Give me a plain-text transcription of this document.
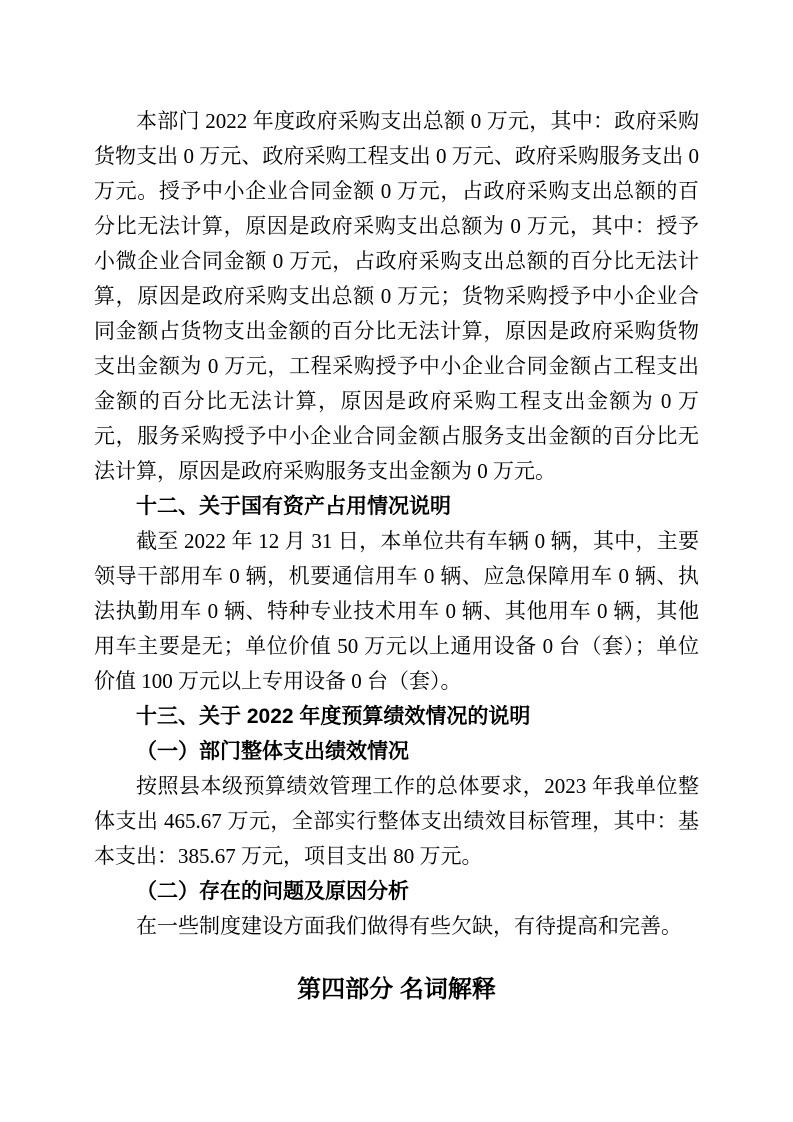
本部门 2022 年度政府采购支出总额 0 万元，其中：政府采购货物支出 0 万元、政府采购工程支出 0 万元、政府采购服务支出 0 万元。授予中小企业合同金额 0 万元，占政府采购支出总额的百分比无法计算，原因是政府采购支出总额为 0 万元，其中：授予小微企业合同金额 0 万元，占政府采购支出总额的百分比无法计算，原因是政府采购支出总额 0 万元；货物采购授予中小企业合同金额占货物支出金额的百分比无法计算，原因是政府采购货物支出金额为 0 万元，工程采购授予中小企业合同金额占工程支出金额的百分比无法计算，原因是政府采购工程支出金额为 0 万元，服务采购授予中小企业合同金额占服务支出金额的百分比无法计算，原因是政府采购服务支出金额为 0 万元。

十二、关于国有资产占用情况说明

截至 2022 年 12 月 31 日，本单位共有车辆 0 辆，其中，主要领导干部用车 0 辆，机要通信用车 0 辆、应急保障用车 0 辆、执法执勤用车 0 辆、特种专业技术用车 0 辆、其他用车 0 辆，其他用车主要是无；单位价值 50 万元以上通用设备 0 台（套）；单位价值 100 万元以上专用设备 0 台（套）。

十三、关于 2022 年度预算绩效情况的说明
（一）部门整体支出绩效情况

按照县本级预算绩效管理工作的总体要求，2023 年我单位整体支出 465.67 万元，全部实行整体支出绩效目标管理，其中：基本支出：385.67 万元，项目支出 80 万元。

（二）存在的问题及原因分析

在一些制度建设方面我们做得有些欠缺，有待提高和完善。

第四部分 名词解释
